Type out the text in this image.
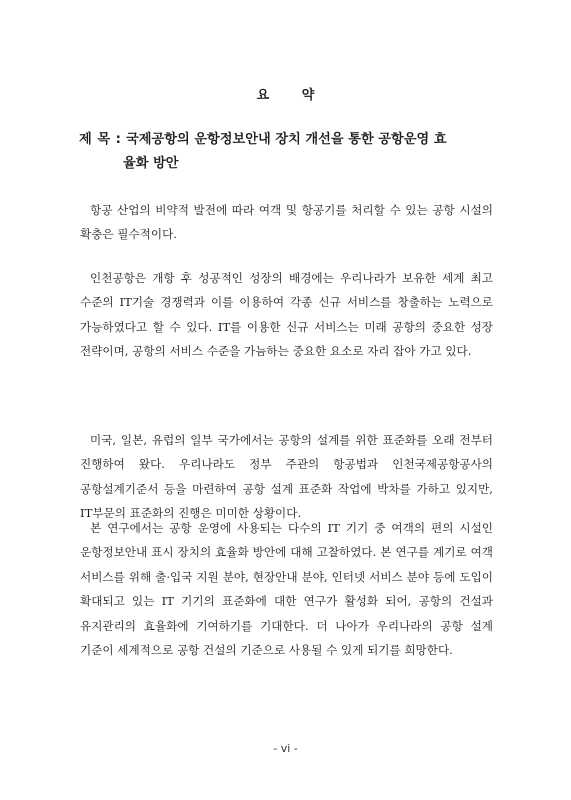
요 약
제 목 : 국제공항의 운항정보안내 장치 개선을 통한 공항운영 효
율화 방안

항공 산업의 비약적 발전에 따라 여객 및 항공기를 처리할 수 있는 공항 시설의 확충은 필수적이다.

인천공항은 개항 후 성공적인 성장의 배경에는 우리나라가 보유한 세계 최고 수준의 IT기술 경쟁력과 이를 이용하여 각종 신규 서비스를 창출하는 노력으로 가능하였다고 할 수 있다. IT를 이용한 신규 서비스는 미래 공항의 중요한 성장 전략이며, 공항의 서비스 수준을 가늠하는 중요한 요소로 자리 잡아 가고 있다.

미국, 일본, 유럽의 일부 국가에서는 공항의 설계를 위한 표준화를 오래 전부터 진행하여 왔다. 우리나라도 정부 주관의 항공법과 인천국제공항공사의 공항설계기준서 등을 마련하여 공항 설계 표준화 작업에 박차를 가하고 있지만, IT부문의 표준화의 진행은 미미한 상황이다.

본 연구에서는 공항 운영에 사용되는 다수의 IT 기기 중 여객의 편의 시설인 운항정보안내 표시 장치의 효율화 방안에 대해 고찰하였다. 본 연구를 계기로 여객 서비스를 위해 출·입국 지원 분야, 현장안내 분야, 인터넷 서비스 분야 등에 도입이 확대되고 있는 IT 기기의 표준화에 대한 연구가 활성화 되어, 공항의 건설과 유지관리의 효율화에 기여하기를 기대한다. 더 나아가 우리나라의 공항 설계 기준이 세계적으로 공항 건설의 기준으로 사용될 수 있게 되기를 희망한다.

- vi -
